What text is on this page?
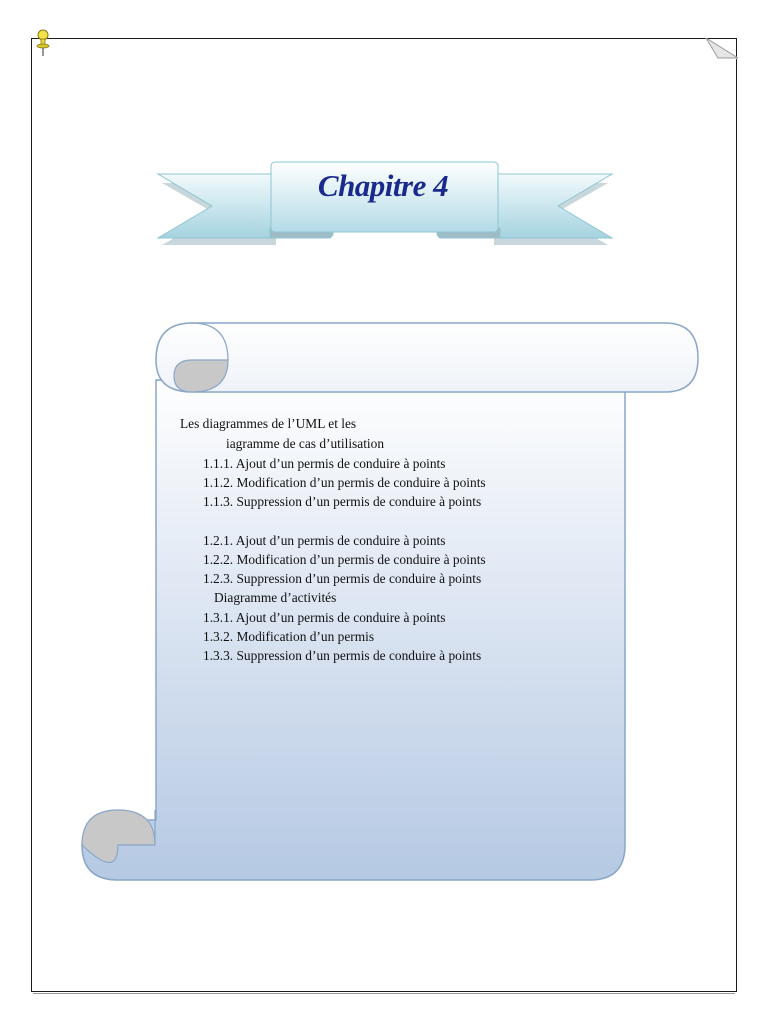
Chapitre 4
Les diagrammes de l’UML et les
iagramme de cas d’utilisation
1.1.1. Ajout d’un permis de conduire à points
1.1.2. Modification d’un permis de conduire à points
1.1.3. Suppression d’un permis de conduire à points
1.2.1. Ajout d’un permis de conduire à points
1.2.2. Modification d’un permis de conduire à points
1.2.3. Suppression d’un permis de conduire à points
Diagramme d’activités
1.3.1. Ajout d’un permis de conduire à points
1.3.2. Modification d’un permis
1.3.3. Suppression d’un permis de conduire à points
